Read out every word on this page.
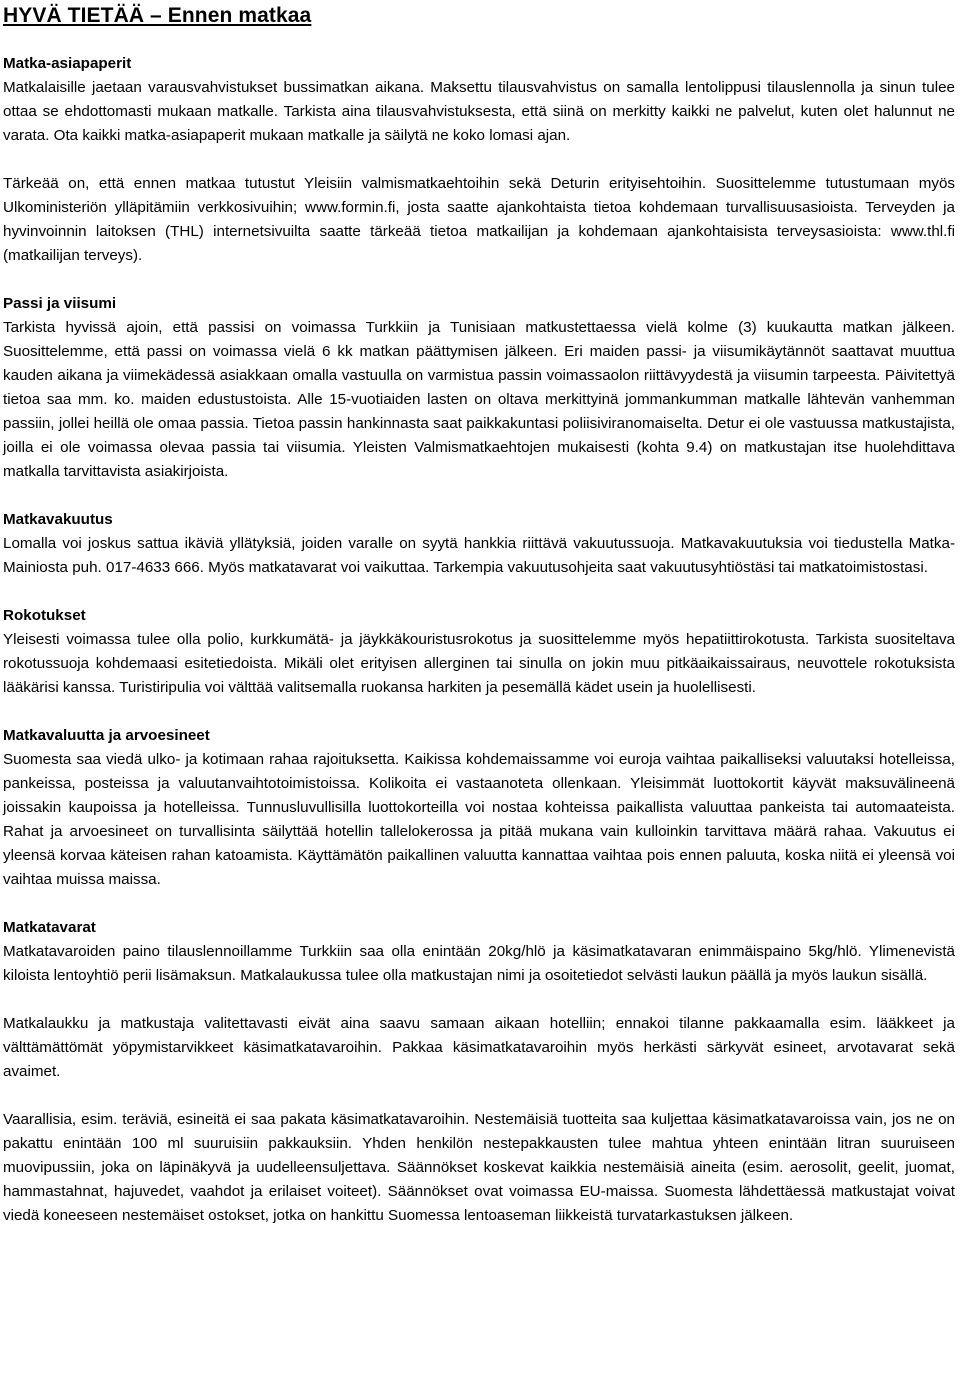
HYVÄ TIETÄÄ – Ennen matkaa
Matka-asiapaperit

Matkalaisille jaetaan varausvahvistukset bussimatkan aikana. Maksettu tilausvahvistus on samalla lentolippusi tilauslennolla ja sinun tulee ottaa se ehdottomasti mukaan matkalle. Tarkista aina tilausvahvistuksesta, että siinä on merkitty kaikki ne palvelut, kuten olet halunnut ne varata. Ota kaikki matka-asiapaperit mukaan matkalle ja säilytä ne koko lomasi ajan.

Tärkeää on, että ennen matkaa tutustut Yleisiin valmismatkaehtoihin sekä Deturin erityisehtoihin. Suosittelemme tutustumaan myös Ulkoministeriön ylläpitämiin verkkosivuihin; www.formin.fi, josta saatte ajankohtaista tietoa kohdemaan turvallisuusasioista. Terveyden ja hyvinvoinnin laitoksen (THL) internetsivuilta saatte tärkeää tietoa matkailijan ja kohdemaan ajankohtaisista terveysasioista: www.thl.fi (matkailijan terveys).

Passi ja viisumi

Tarkista hyvissä ajoin, että passisi on voimassa Turkkiin ja Tunisiaan matkustettaessa vielä kolme (3) kuukautta matkan jälkeen. Suosittelemme, että passi on voimassa vielä 6 kk matkan päättymisen jälkeen. Eri maiden passi- ja viisumikäytännöt saattavat muuttua kauden aikana ja viimekädessä asiakkaan omalla vastuulla on varmistua passin voimassaolon riittävyydestä ja viisumin tarpeesta. Päivitettyä tietoa saa mm. ko. maiden edustustoista. Alle 15-vuotiaiden lasten on oltava merkittyinä jommankumman matkalle lähtevän vanhemman passiin, jollei heillä ole omaa passia. Tietoa passin hankinnasta saat paikkakuntasi poliisiviranomaiselta. Detur ei ole vastuussa matkustajista, joilla ei ole voimassa olevaa passia tai viisumia. Yleisten Valmismatkaehtojen mukaisesti (kohta 9.4) on matkustajan itse huolehdittava matkalla tarvittavista asiakirjoista.

Matkavakuutus

Lomalla voi joskus sattua ikäviä yllätyksiä, joiden varalle on syytä hankkia riittävä vakuutussuoja. Matkavakuutuksia voi tiedustella Matka-Mainiosta puh. 017-4633 666. Myös matkatavarat voi vaikuttaa. Tarkempia vakuutusohjeita saat vakuutusyhtiöstäsi tai matkatoimistostasi.

Rokotukset

Yleisesti voimassa tulee olla polio, kurkkumätä- ja jäykkäkouristusrokotus ja suosittelemme myös hepatiittirokotusta. Tarkista suositeltava rokotussuoja kohdemaasi esitetiedoista. Mikäli olet erityisen allerginen tai sinulla on jokin muu pitkäaikaissairaus, neuvottele rokotuksista lääkärisi kanssa. Turistiripulia voi välttää valitsemalla ruokansa harkiten ja pesemällä kädet usein ja huolellisesti.

Matkavaluutta ja arvoesineet

Suomesta saa viedä ulko- ja kotimaan rahaa rajoituksetta. Kaikissa kohdemaissamme voi euroja vaihtaa paikalliseksi valuutaksi hotelleissa, pankeissa, posteissa ja valuutanvaihtotoimistoissa. Kolikoita ei vastaanoteta ollenkaan. Yleisimmät luottokortit käyvät maksuvälineenä joissakin kaupoissa ja hotelleissa. Tunnusluvullisilla luottokorteilla voi nostaa kohteissa paikallista valuuttaa pankeista tai automaateista. Rahat ja arvoesineet on turvallisinta säilyttää hotellin tallelokerossa ja pitää mukana vain kulloinkin tarvittava määrä rahaa. Vakuutus ei yleensä korvaa käteisen rahan katoamista. Käyttämätön paikallinen valuutta kannattaa vaihtaa pois ennen paluuta, koska niitä ei yleensä voi vaihtaa muissa maissa.

Matkatavarat

Matkatavaroiden paino tilauslennoillamme Turkkiin saa olla enintään 20kg/hlö ja käsimatkatavaran enimmäispaino 5kg/hlö. Ylimenevistä kiloista lentoyhtiö perii lisämaksun. Matkalaukussa tulee olla matkustajan nimi ja osoitetiedot selvästi laukun päällä ja myös laukun sisällä.

Matkalaukku ja matkustaja valitettavasti eivät aina saavu samaan aikaan hotelliin; ennakoi tilanne pakkaamalla esim. lääkkeet ja välttämättömät yöpymistarvikkeet käsimatkatavaroihin. Pakkaa käsimatkatavaroihin myös herkästi särkyvät esineet, arvotavarat sekä avaimet.

Vaarallisia, esim. teräviä, esineitä ei saa pakata käsimatkatavaroihin. Nestemäisiä tuotteita saa kuljettaa käsimatkatavaroissa vain, jos ne on pakattu enintään 100 ml suuruisiin pakkauksiin. Yhden henkilön nestepakkausten tulee mahtua yhteen enintään litran suuruiseen muovipussiin, joka on läpinäkyvä ja uudelleensuljettava. Säännökset koskevat kaikkia nestemäisiä aineita (esim. aerosolit, geelit, juomat, hammastahnat, hajuvedet, vaahdot ja erilaiset voiteet). Säännökset ovat voimassa EU-maissa. Suomesta lähdettäessä matkustajat voivat viedä koneeseen nestemäiset ostokset, jotka on hankittu Suomessa lentoaseman liikkeistä turvatarkastuksen jälkeen.
